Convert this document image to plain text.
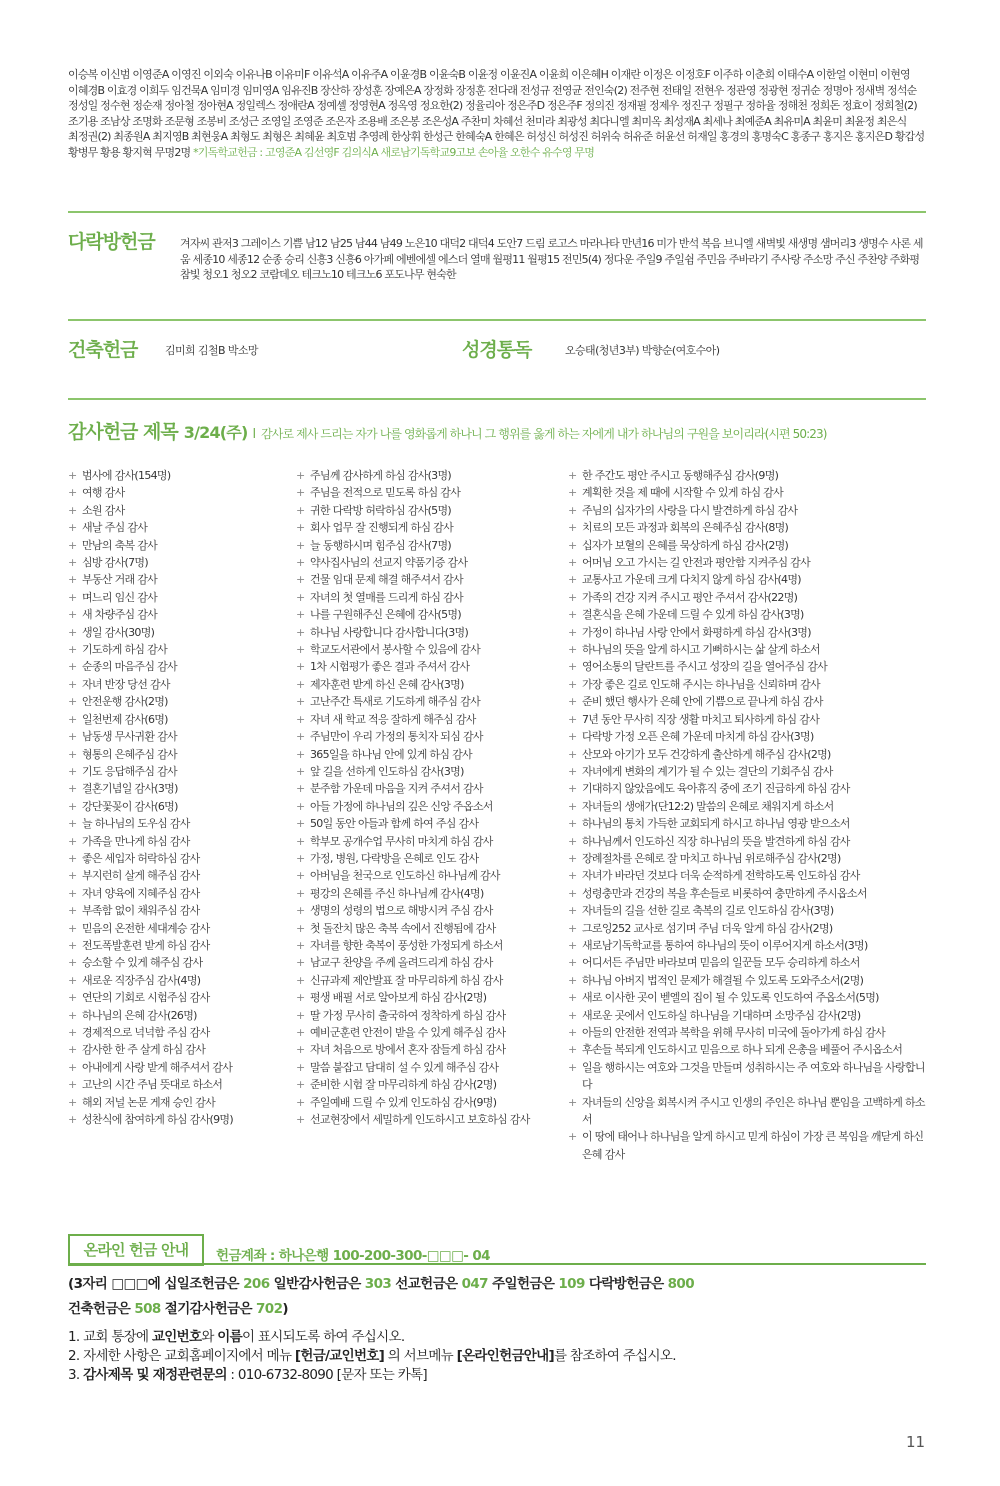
이승복 이신범 이영준A 이영진 이외숙 이유나B 이유미F 이유석A 이유주A 이윤경B 이윤숙B 이윤정 이윤진A 이윤희 이은혜H 이재란 이정은 이정호F 이주하 이춘희 이태수A 이한얼 이현미 이현영 이혜경B 이효경 이희두 임건묵A 임미경 임미영A 임유진B 장산하 장성훈 장예은A 장정화 장정훈 전다래 전성규 전영균 전인숙(2) 전주현 전태일 전현우 정관영 정광현 정귀순 정명아 정새벽 정석순 정성일 정수현 정순재 정아철 정아현A 정일렉스 정애란A 정예셸 정영현A 정옥영 정요한(2) 정율리아 정은주D 정은주F 정의진 정재필 정제우 정진구 정필구 정하율 정해천 정희돈 정효이 정희철(2) 조기용 조남상 조명화 조문형 조봉비 조성근 조영일 조영준 조은자 조용배 조은봉 조은성A 주찬미 차혜선 천미라 최광성 최다니엘 최미옥 최성재A 최세나 최예준A 최유미A 최윤미 최윤정 최은식 최정권(2) 최종원A 최지영B 최현웅A 최형도 최형은 최혜윤 최호범 추영례 한상휘 한성근 한혜숙A 한혜은 허성신 허성진 허위숙 허유준 허윤선 허재일 홍경의 홍명숙C 홍종구 홍지은 홍지은D 황갑성 황병무 황용 황지혁 무명2명 *기독학교헌금 : 고영준A 김선영F 김의식A 새로남기독학교9고보 손아율 오한수 유수영 무명

다락방헌금 겨자씨 관저3 그레이스 기쁨 남12 남25 남44 남49 노은10 대덕2 대덕4 도안7 드림 로고스 마라나타 만년16 미가 반석 복음 브니엘 새벽빛 새생명 샘머리3 생명수 사론 세움 세종10 세종12 순종 승리 신흥3 신흥6 아가페 에벤에셀 에스더 열매 월평11 월평15 전민5(4) 정다운 주일9 주일쉼 주민음 주바라기 주사랑 주소망 주신 주찬양 주화평 참빛 청오1 청오2 코람데오 테크노10 테크노6 포도나무 현숙한

건축헌금	김미희 김철B 박소망	성경통독	오승태(청년3부) 박향순(여호수아)

감사헌금 제목 3/24(주) l 감사로 제사 드리는 자가 나를 영화롭게 하나니 그 행위를 옳게 하는 자에게 내가 하나님의 구원을 보이리라(시편 50:23)
+ 범사에 감사(154명)
+ 여행 감사
+ 소원 감사
+ 새날 주심 감사
+ 만남의 축복 감사
+ 심방 감사(7명)
+ 부동산 거래 감사
+ 며느리 임신 감사
+ 새 차량주심 감사
+ 생일 감사(30명)
+ 기도하게 하심 감사
+ 순종의 마음주심 감사
+ 자녀 반장 당선 감사
+ 안전운행 감사(2명)
+ 일천번제 감사(6명)
+ 남동생 무사귀환 감사
+ 형통의 은혜주심 감사
+ 기도 응답해주심 감사
+ 결혼기념일 감사(3명)
+ 강단꽃꽂이 감사(6명)
+ 늘 하나님의 도우심 감사
+ 가족을 만나게 하심 감사
+ 좋은 세입자 허락하심 감사
+ 부지런히 살게 해주심 감사
+ 자녀 양육에 지혜주심 감사
+ 부족함 없이 채워주심 감사
+ 믿음의 온전한 세대계승 감사
+ 전도폭발훈련 받게 하심 감사
+ 승소할 수 있게 해주심 감사
+ 새로운 직장주심 감사(4명)
+ 연단의 기회로 시험주심 감사
+ 하나님의 은혜 감사(26명)
+ 경제적으로 넉넉함 주심 감사
+ 감사한 한 주 살게 하심 감사
+ 아내에게 사랑 받게 해주셔서 감사
+ 고난의 시간 주님 뜻대로 하소서
+ 해외 저널 논문 게재 승인 감사
+ 성찬식에 참여하게 하심 감사(9명)
+ 주님께 감사하게 하심 감사(3명)
+ 주님을 전적으로 믿도록 하심 감사
+ 귀한 다락방 허락하심 감사(5명)
+ 회사 업무 잘 진행되게 하심 감사
+ 늘 동행하시며 힘주심 감사(7명)
+ 약사집사님의 선교지 약품기증 감사
+ 건물 임대 문제 해결 해주셔서 감사
+ 자녀의 첫 열매를 드리게 하심 감사
+ 나를 구원해주신 은혜에 감사(5명)
+ 하나님 사랑합니다 감사합니다(3명)
+ 학교도서관에서 봉사할 수 있음에 감사
+ 1차 시험평가 좋은 결과 주셔서 감사
+ 제자훈련 받게 하신 은혜 감사(3명)
+ 고난주간 특새로 기도하게 해주심 감사
+ 자녀 새 학교 적응 잘하게 해주심 감사
+ 주님만이 우리 가정의 통치자 되심 감사
+ 365일을 하나님 안에 있게 하심 감사
+ 앞 길을 선하게 인도하심 감사(3명)
+ 분주함 가운데 마음을 지켜 주셔서 감사
+ 아들 가정에 하나님의 깊은 신앙 주옵소서
+ 50일 동안 아들과 함께 하여 주심 감사
+ 학부모 공개수업 무사히 마치게 하심 감사
+ 가정, 병원, 다락방을 은혜로 인도 감사
+ 아버님을 천국으로 인도하신 하나님께 감사
+ 평강의 은혜를 주신 하나님께 감사(4명)
+ 생명의 성령의 법으로 해방시켜 주심 감사
+ 첫 돌잔치 많은 축복 속에서 진행됨에 감사
+ 자녀를 향한 축복이 풍성한 가정되게 하소서
+ 남교구 찬양을 주께 올려드리게 하심 감사
+ 신규과제 제안발표 잘 마무리하게 하심 감사
+ 평생 배필 서로 알아보게 하심 감사(2명)
+ 딸 가정 무사히 출국하여 정착하게 하심 감사
+ 예비군훈련 안전이 받을 수 있게 해주심 감사
+ 자녀 처음으로 방에서 혼자 잠들게 하심 감사
+ 말씀 붙잡고 담대히 설 수 있게 해주심 감사
+ 준비한 시험 잘 마무리하게 하심 감사(2명)
+ 주일예배 드릴 수 있게 인도하심 감사(9명)
+ 선교현장에서 세밀하게 인도하시고 보호하심 감사
+ 한 주간도 평안 주시고 동행해주심 감사(9명)
+ 계획한 것을 제 때에 시작할 수 있게 하심 감사
+ 주님의 십자가의 사랑을 다시 발견하게 하심 감사
+ 치료의 모든 과정과 회복의 은혜주심 감사(8명)
+ 십자가 보혈의 은혜를 묵상하게 하심 감사(2명)
+ 어머님 오고 가시는 길 안전과 평안함 지켜주심 감사
+ 교통사고 가운데 크게 다치지 않게 하심 감사(4명)
+ 가족의 건강 지켜 주시고 평안 주셔서 감사(22명)
+ 결혼식을 은혜 가운데 드릴 수 있게 하심 감사(3명)
+ 가정이 하나님 사랑 안에서 화평하게 하심 감사(3명)
+ 하나님의 뜻을 알게 하시고 기뻐하시는 삶 살게 하소서
+ 영어소통의 달란트를 주시고 성장의 길을 열어주심 감사
+ 가장 좋은 길로 인도해 주시는 하나님을 신뢰하며 감사
+ 준비 했던 행사가 은혜 안에 기쁨으로 끝나게 하심 감사
+ 7년 동안 무사히 직장 생활 마치고 퇴사하게 하심 감사
+ 다락방 가정 오픈 은혜 가운데 마치게 하심 감사(3명)
+ 산모와 아기가 모두 건강하게 출산하게 해주심 감사(2명)
+ 자녀에게 변화의 계기가 될 수 있는 결단의 기회주심 감사
+ 기대하지 않았음에도 육아휴직 중에 조기 진급하게 하심 감사
+ 자녀들의 생애가(단12:2) 말씀의 은혜로 채워지게 하소서
+ 하나님의 통치 가득한 교회되게 하시고 하나님 영광 받으소서
+ 하나님께서 인도하신 직장 하나님의 뜻을 발견하게 하심 감사
+ 장례절차를 은혜로 잘 마치고 하나님 위로해주심 감사(2명)
+ 자녀가 바라던 것보다 더욱 순적하게 전학하도록 인도하심 감사
+ 성령충만과 건강의 복을 후손들로 비롯하여 충만하게 주시옵소서
+ 자녀들의 길을 선한 길로 축복의 길로 인도하심 감사(3명)
+ 그로잉252 교사로 섬기며 주님 더욱 알게 하심 감사(2명)
+ 새로남기독학교를 통하여 하나님의 뜻이 이루어지게 하소서(3명)
+ 어디서든 주님만 바라보며 믿음의 일꾼들 모두 승리하게 하소서
+ 하나님 아버지 법적인 문제가 해결될 수 있도록 도와주소서(2명)
+ 새로 이사한 곳이 벧엘의 집이 될 수 있도록 인도하여 주옵소서(5명)
+ 새로운 곳에서 인도하실 하나님을 기대하며 소망주심 감사(2명)
+ 아들의 안전한 전역과 복학을 위해 무사히 미국에 돌아가게 하심 감사
+ 후손들 복되게 인도하시고 믿음으로 하나 되게 은총을 베풀어 주시옵소서
+ 일을 행하시는 여호와 그것을 만들며 성취하시는 주 여호와 하나님을 사랑합니다
+ 자녀들의 신앙을 회복시켜 주시고 인생의 주인은 하나님 뿐임을 고백하게 하소서
+ 이 땅에 태어나 하나님을 알게 하시고 믿게 하심이 가장 큰 복임을 깨닫게 하신 은혜 감사
온라인 헌금 안내	헌금계좌 : 하나은행 100-200-300-□□□- 04

(3자리 □□□에 십일조헌금은 206 일반감사헌금은 303 선교헌금은 047 주일헌금은 109 다락방헌금은 800
건축헌금은 508 절기감사헌금은 702)

1. 교회 통장에 교인번호와 이름이 표시되도록 하여 주십시오.
2. 자세한 사항은 교회홈페이지에서 메뉴 [헌금/교인번호] 의 서브메뉴 [온라인헌금안내]를 참조하여 주십시오.
3. 감사제목 및 재정관련문의 : 010-6732-8090 [문자 또는 카톡]

11
